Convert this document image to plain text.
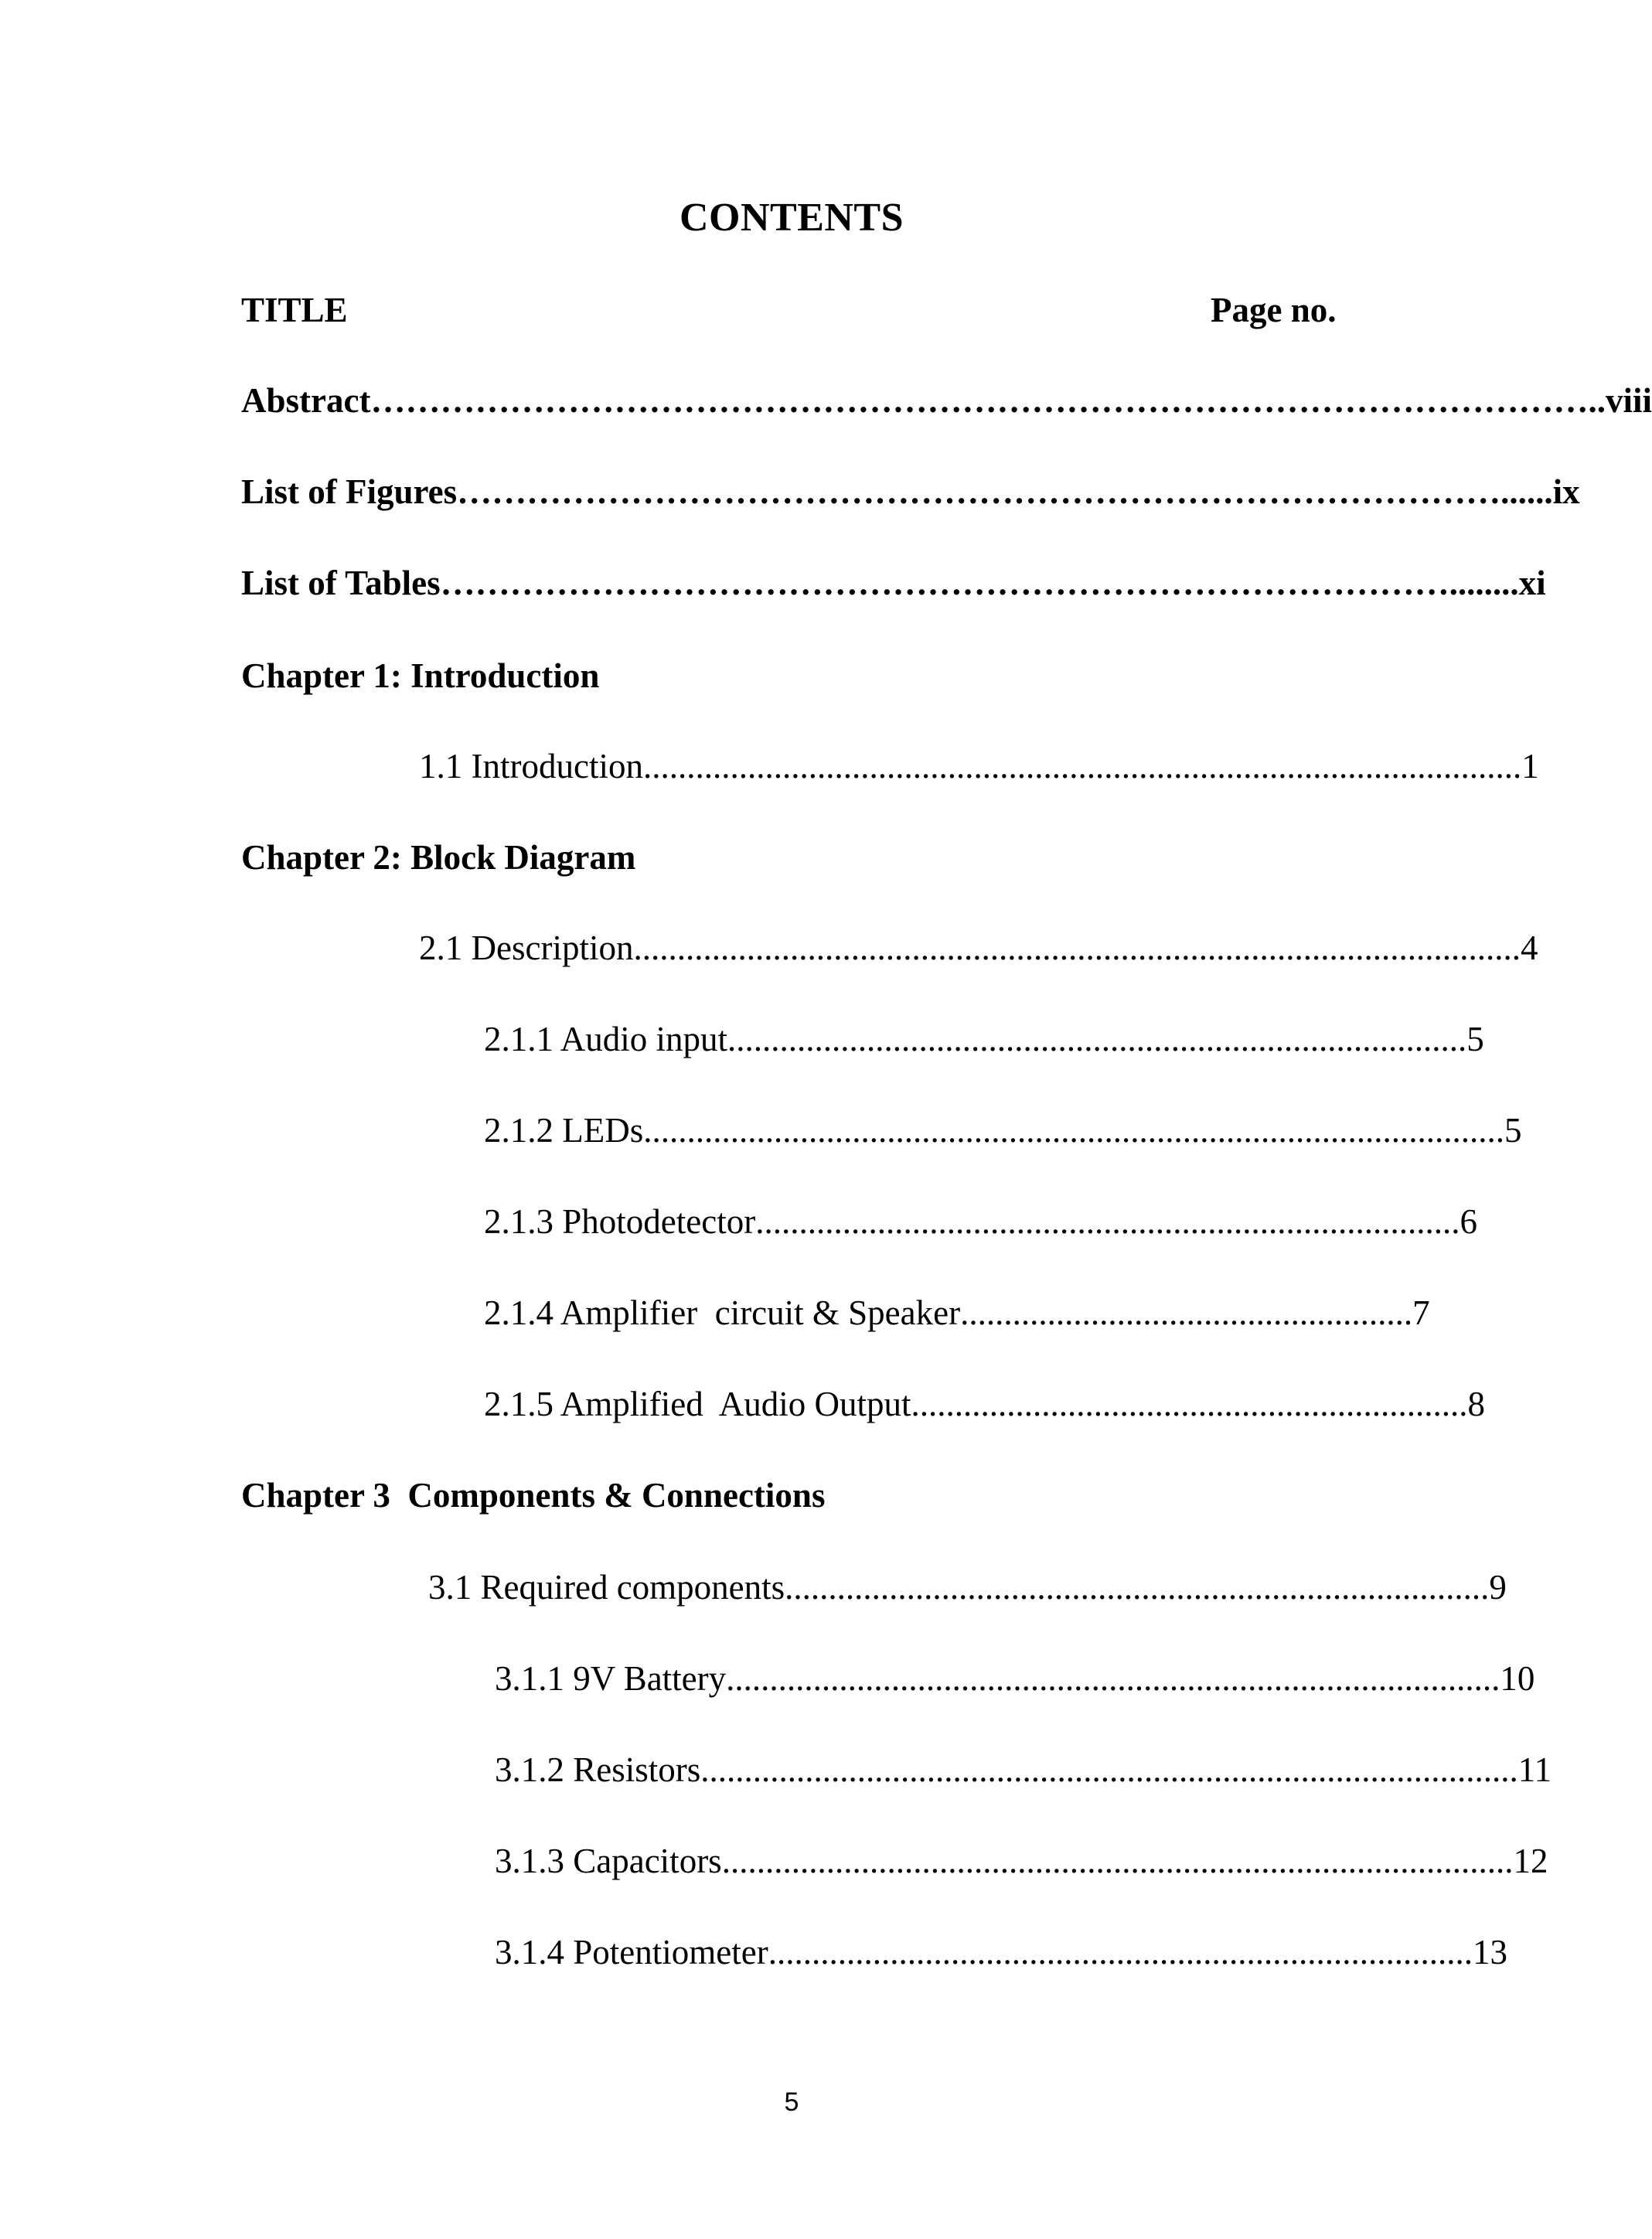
CONTENTS
TITLE	Page no.
Abstract …………………………………………………………………………………………….. viii
List of Figures ………………………………………………………………………………...... ix
List of Tables ……………………………………………………………………………........ xi
Chapter 1: Introduction
1.1 Introduction ..................................................................................................... 1
Chapter 2: Block Diagram
2.1 Description ...................................................................................................... 4
2.1.1 Audio input ..................................................................................... 5
2.1.2 LEDs ................................................................................................... 5
2.1.3 Photodetector ................................................................................. 6
2.1.4 Amplifier  circuit & Speaker .................................................... 7
2.1.5 Amplified  Audio Output ................................................................ 8
Chapter 3  Components & Connections
3.1 Required components ................................................................................. 9
3.1.1 9V Battery ......................................................................................... 10
3.1.2 Resistors .............................................................................................. 11
3.1.3 Capacitors ........................................................................................... 12
3.1.4 Potentiometer ................................................................................. 13
5
